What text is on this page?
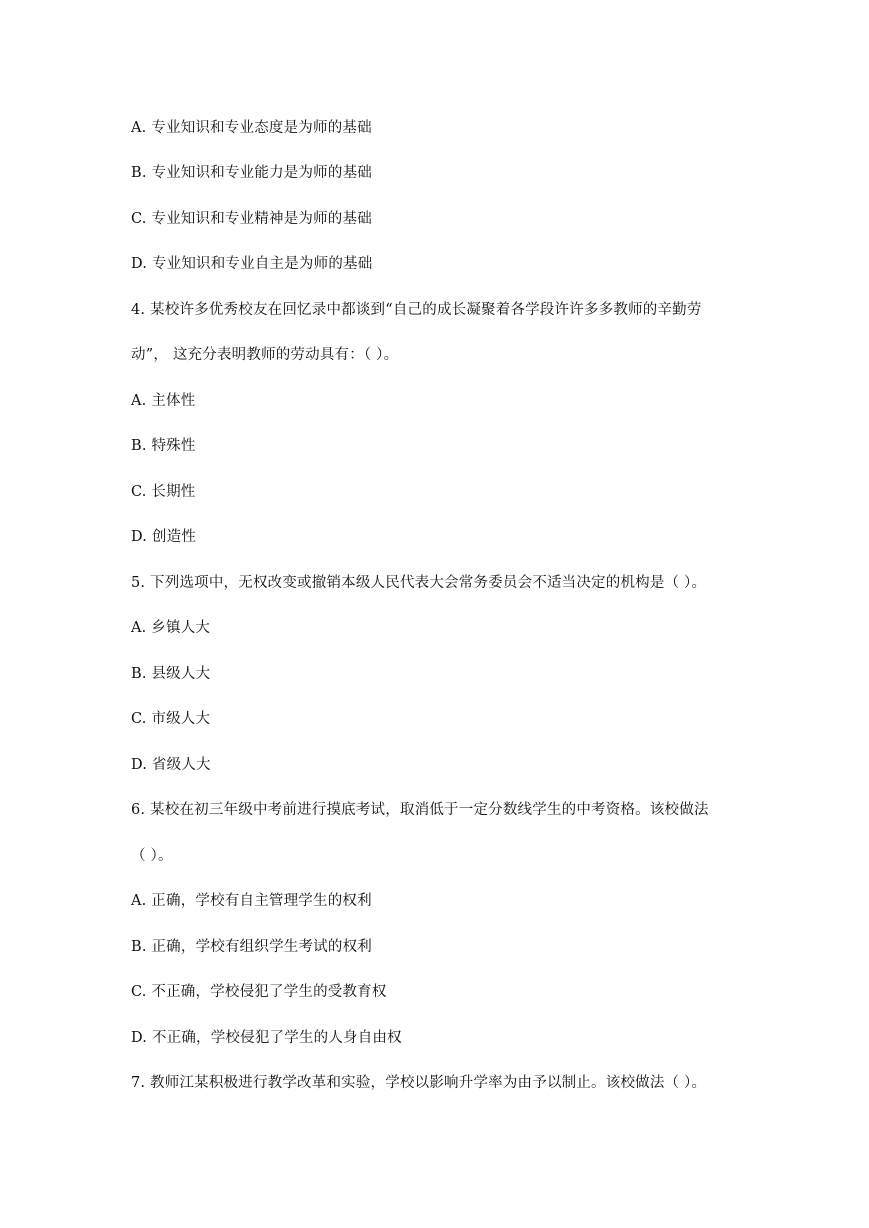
A. 专业知识和专业态度是为师的基础
B. 专业知识和专业能力是为师的基础
C. 专业知识和专业精神是为师的基础
D. 专业知识和专业自主是为师的基础
4. 某校许多优秀校友在回忆录中都谈到“自己的成长凝聚着各学段许许多多教师的辛勤劳
动”， 这充分表明教师的劳动具有：（ ）。
A. 主体性
B. 特殊性
C. 长期性
D. 创造性
5. 下列选项中，无权改变或撤销本级人民代表大会常务委员会不适当决定的机构是（ ）。
A. 乡镇人大
B. 县级人大
C. 市级人大
D. 省级人大
6. 某校在初三年级中考前进行摸底考试，取消低于一定分数线学生的中考资格。该校做法
（ ）。
A. 正确，学校有自主管理学生的权利
B. 正确，学校有组织学生考试的权利
C. 不正确，学校侵犯了学生的受教育权
D. 不正确，学校侵犯了学生的人身自由权
7. 教师江某积极进行教学改革和实验，学校以影响升学率为由予以制止。该校做法（ ）。
